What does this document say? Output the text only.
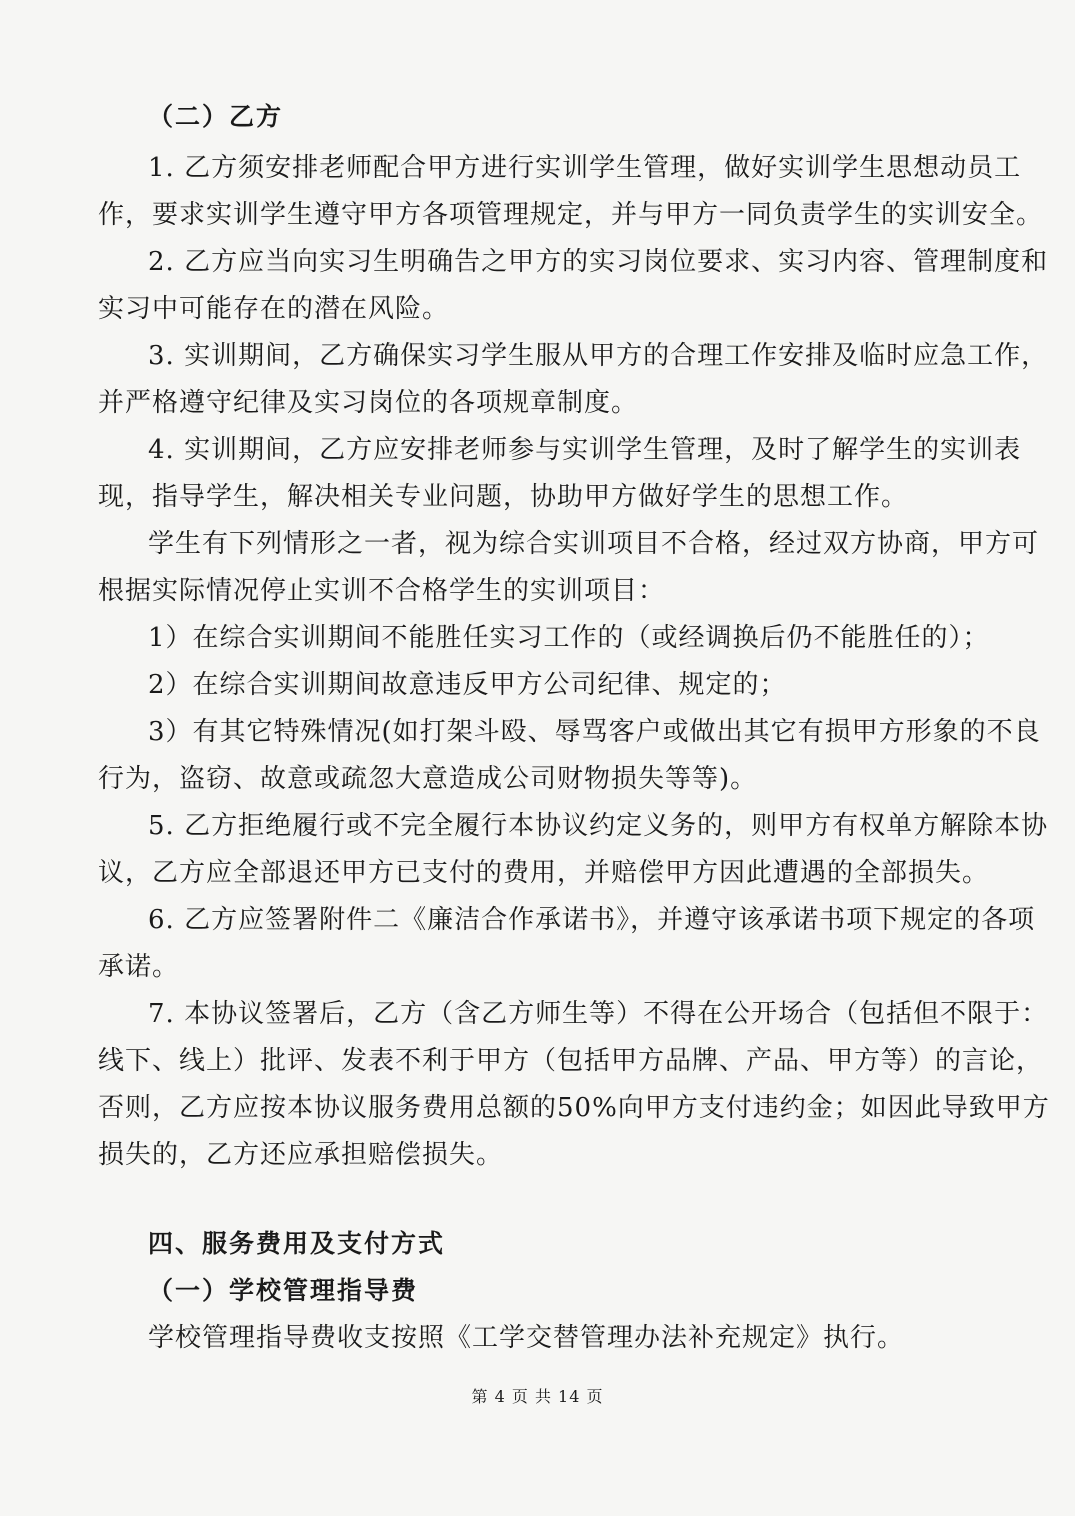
（二）乙方
1. 乙方须安排老师配合甲方进行实训学生管理，做好实训学生思想动员工
作，要求实训学生遵守甲方各项管理规定，并与甲方一同负责学生的实训安全。
2. 乙方应当向实习生明确告之甲方的实习岗位要求、实习内容、管理制度和
实习中可能存在的潜在风险。
3. 实训期间，乙方确保实习学生服从甲方的合理工作安排及临时应急工作，
并严格遵守纪律及实习岗位的各项规章制度。
4. 实训期间，乙方应安排老师参与实训学生管理，及时了解学生的实训表
现，指导学生，解决相关专业问题，协助甲方做好学生的思想工作。
学生有下列情形之一者，视为综合实训项目不合格，经过双方协商，甲方可
根据实际情况停止实训不合格学生的实训项目：
1）在综合实训期间不能胜任实习工作的（或经调换后仍不能胜任的）；
2）在综合实训期间故意违反甲方公司纪律、规定的；
3）有其它特殊情况(如打架斗殴、辱骂客户或做出其它有损甲方形象的不良
行为，盗窃、故意或疏忽大意造成公司财物损失等等)。
5. 乙方拒绝履行或不完全履行本协议约定义务的，则甲方有权单方解除本协
议，乙方应全部退还甲方已支付的费用，并赔偿甲方因此遭遇的全部损失。
6. 乙方应签署附件二《廉洁合作承诺书》，并遵守该承诺书项下规定的各项
承诺。
7. 本协议签署后，乙方（含乙方师生等）不得在公开场合（包括但不限于：
线下、线上）批评、发表不利于甲方（包括甲方品牌、产品、甲方等）的言论，
否则，乙方应按本协议服务费用总额的50%向甲方支付违约金；如因此导致甲方
损失的，乙方还应承担赔偿损失。
四、服务费用及支付方式
（一）学校管理指导费
学校管理指导费收支按照《工学交替管理办法补充规定》执行。
第 4 页 共 14 页
